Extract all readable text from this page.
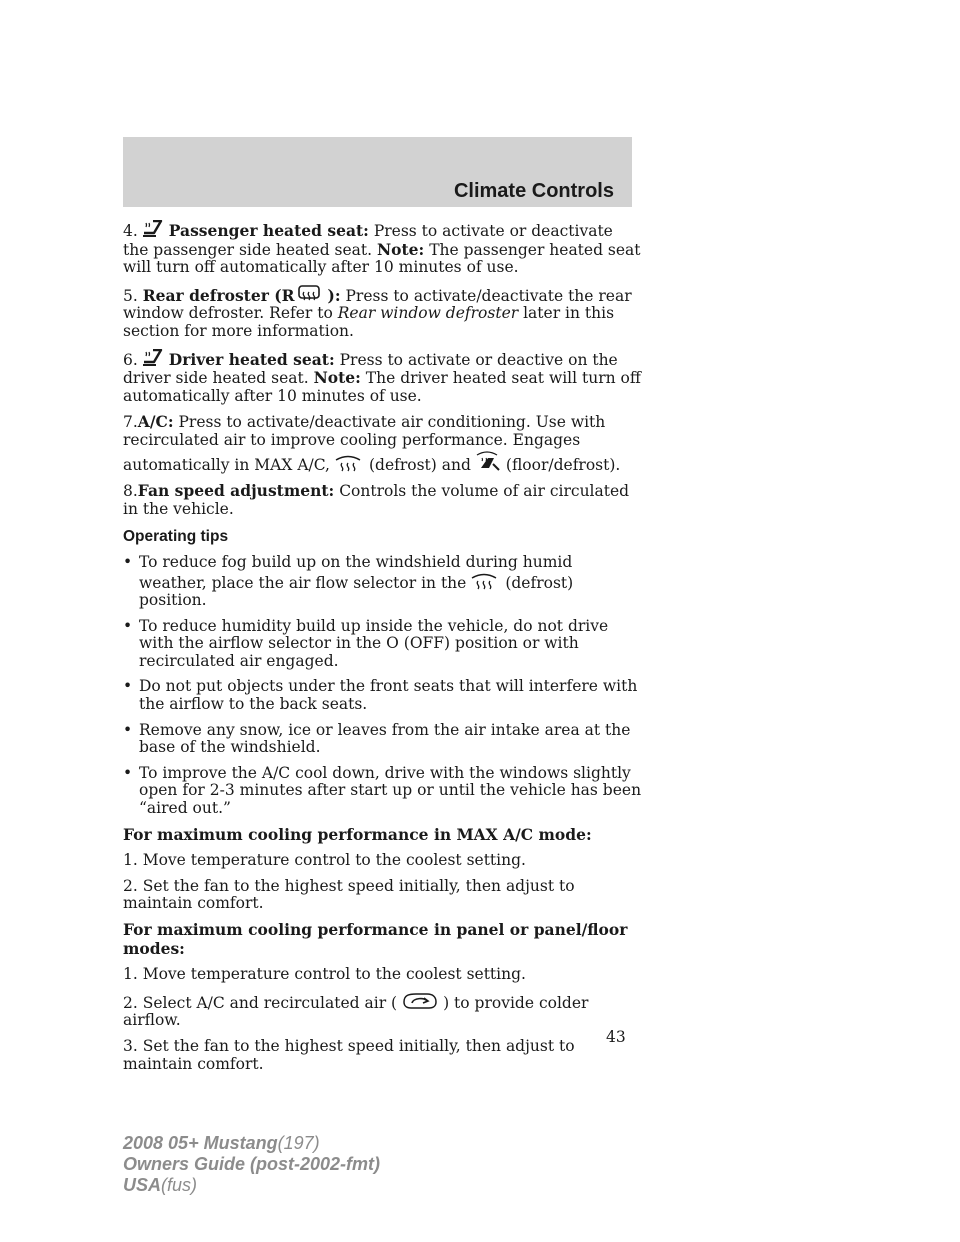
Climate Controls

4. Passenger heated seat: Press to activate or deactivate the passenger side heated seat. Note: The passenger heated seat will turn off automatically after 10 minutes of use.

5. Rear defroster (R ): Press to activate/deactivate the rear window defroster. Refer to Rear window defroster later in this section for more information.

6. Driver heated seat: Press to activate or deactive on the driver side heated seat. Note: The driver heated seat will turn off automatically after 10 minutes of use.

7.A/C: Press to activate/deactivate air conditioning. Use with recirculated air to improve cooling performance. Engages automatically in MAX A/C,	(defrost) and (floor/defrost).

8.Fan speed adjustment: Controls the volume of air circulated in the vehicle.

Operating tips
• To reduce fog build up on the windshield during humid weather, place the air flow selector in the	(defrost) position.
• To reduce humidity build up inside the vehicle, do not drive with the airflow selector in the O (OFF) position or with recirculated air engaged.
• Do not put objects under the front seats that will interfere with the airflow to the back seats.
• Remove any snow, ice or leaves from the air intake area at the base of the windshield.
• To improve the A/C cool down, drive with the windows slightly open for 2-3 minutes after start up or until the vehicle has been “aired out.”

For maximum cooling performance in MAX A/C mode:

1. Move temperature control to the coolest setting.

2. Set the fan to the highest speed initially, then adjust to maintain comfort.

For maximum cooling performance in panel or panel/floor modes:

1. Move temperature control to the coolest setting.

2. Select A/C and recirculated air (	) to provide colder airflow.

3. Set the fan to the highest speed initially, then adjust to maintain comfort.

43
2008 05+ Mustang(197)
Owners Guide (post-2002-fmt)
USA(fus)
